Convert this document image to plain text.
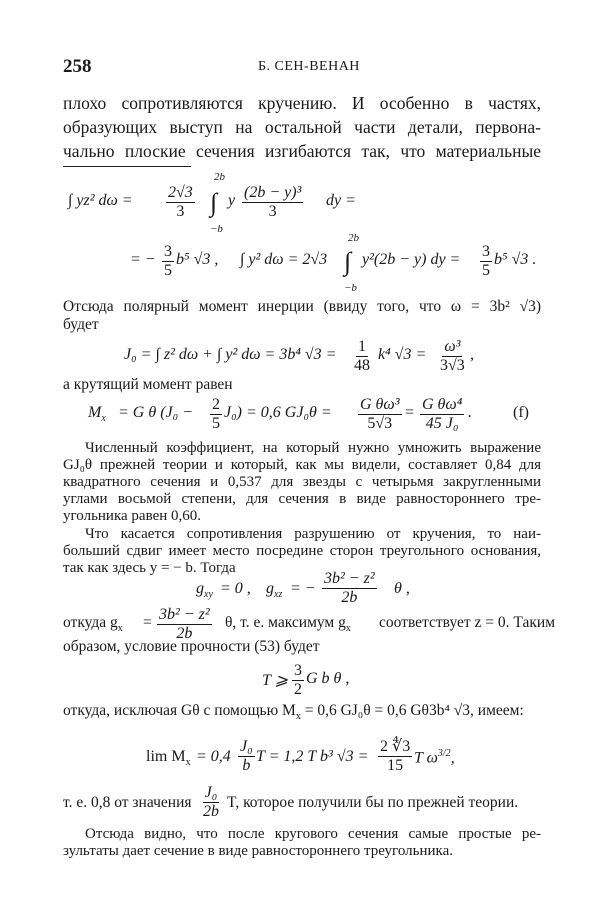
258	Б. СЕН-ВЕНАН
плохо сопротивляются кручению. И особенно в частях,
образующих выступ на остальной части детали, первона-
чально плоские сечения изгибаются так, что материальные
∫ yz² $d\omega = \frac{2√3}{3}$ ∫
2b
−b
y $\frac{\text{(2b − y)³}}{3}$ dy =
= − $\frac{3}{5} b^5$ √3 , ∫ y² dω = 2√3
2b
∫
−b
y²(2b − y) dy = $\frac{3}{5} b^5$ √3 .
Отсюда полярный момент инерции (ввиду того, что ω = 3b² √3)
будет
J₀ = ∫ z² dω + ∫ y² dω = 3b⁴ $√3 = \frac{1}{48} k^4$ $√3 = \frac{\text{ω³}}{3√3}$ ,
а крутящий момент равен
$M_x = G$ θ $(J_0 - \frac{2}{5} J_0) = 0,6$ $GJ_0\theta = \frac{\text{G θω³}}{5√3} = \frac{\text{G θω⁴}}{\text{45 J₀}}$ .	(f)
Численный коэффициент, на который нужно умножить выражение
GJ₀θ прежней теории и который, как мы видели, составляет 0,84 для
квадратного сечения и 0,537 для звезды с четырьмя закругленными
углами восьмой степени, для сечения в виде равностороннего тре-
угольника равен 0,60.
Что касается сопротивления разрушению от кручения, то наи-
больший сдвиг имеет место посредине сторон треугольного основания,
так как здесь y = − b. Тогда
$g_{xy} = 0$ , $g_{xz}$ = − $\frac{\text{3b² − z²}}{2b}$ θ ,
откуда $g_x = \frac{\text{3b² − z²}}{2b} \theta$, т. е. максимум $g_x$ соответствует z = 0. Таким
образом, условие прочности (53) будет
T ⩾ $\frac{3}{2}$ G b θ ,
откуда, исключая Gθ с помощью $M_x = 0,6$ GJ₀θ = 0,6 Gθ3b⁴ √3, имеем:
$\lim M_x = 0,4 \frac{\text{J₀}}{b}$ T = 1,2 T b³ $√3 = \frac{2 ∜3}{15}$ T $\omega^{3/2}$,
т. е. 0,8 от значения $\frac{\text{J₀}}{2b} T$, которое получили бы по прежней теории.
Отсюда видно, что после кругового сечения самые простые ре-
зультаты дает сечение в виде равностороннего треугольника.
